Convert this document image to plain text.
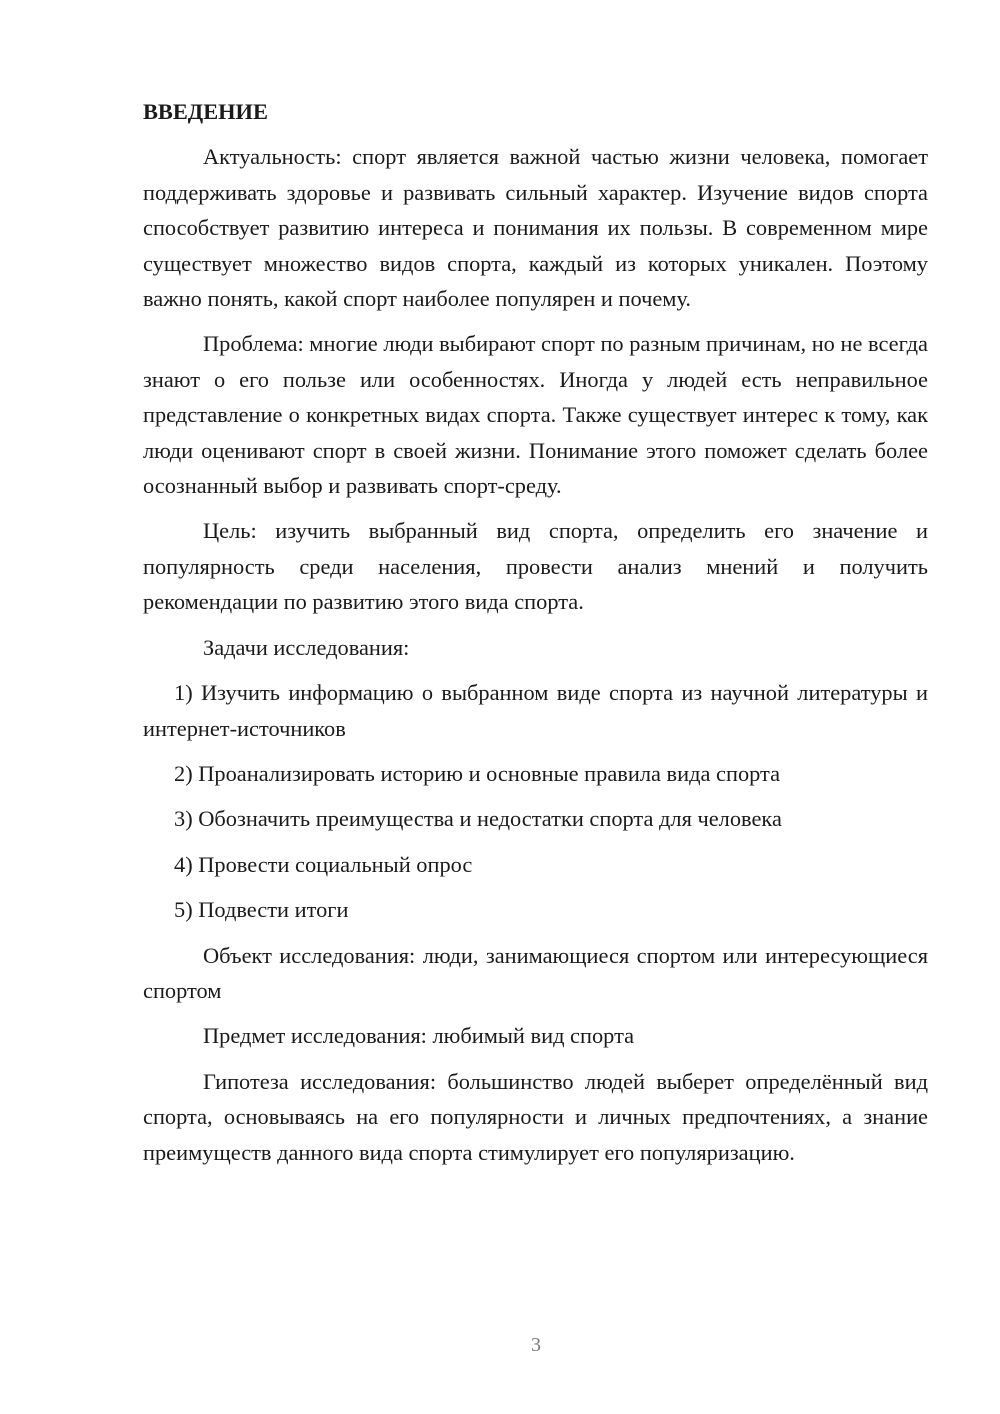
ВВЕДЕНИЕ

Актуальность: спорт является важной частью жизни человека, помогает поддерживать здоровье и развивать сильный характер. Изучение видов спорта способствует развитию интереса и понимания их пользы. В современном мире существует множество видов спорта, каждый из которых уникален. Поэтому важно понять, какой спорт наиболее популярен и почему.

Проблема: многие люди выбирают спорт по разным причинам, но не всегда знают о его пользе или особенностях. Иногда у людей есть неправильное представление о конкретных видах спорта. Также существует интерес к тому, как люди оценивают спорт в своей жизни. Понимание этого поможет сделать более осознанный выбор и развивать спорт-среду.

Цель: изучить выбранный вид спорта, определить его значение и популярность среди населения, провести анализ мнений и получить рекомендации по развитию этого вида спорта.

Задачи исследования:

1) Изучить информацию о выбранном виде спорта из научной литературы и интернет-источников

2) Проанализировать историю и основные правила вида спорта

3) Обозначить преимущества и недостатки спорта для человека

4) Провести социальный опрос

5) Подвести итоги

Объект исследования: люди, занимающиеся спортом или интересующиеся спортом

Предмет исследования: любимый вид спорта

Гипотеза исследования: большинство людей выберет определённый вид спорта, основываясь на его популярности и личных предпочтениях, а знание преимуществ данного вида спорта стимулирует его популяризацию.

3
